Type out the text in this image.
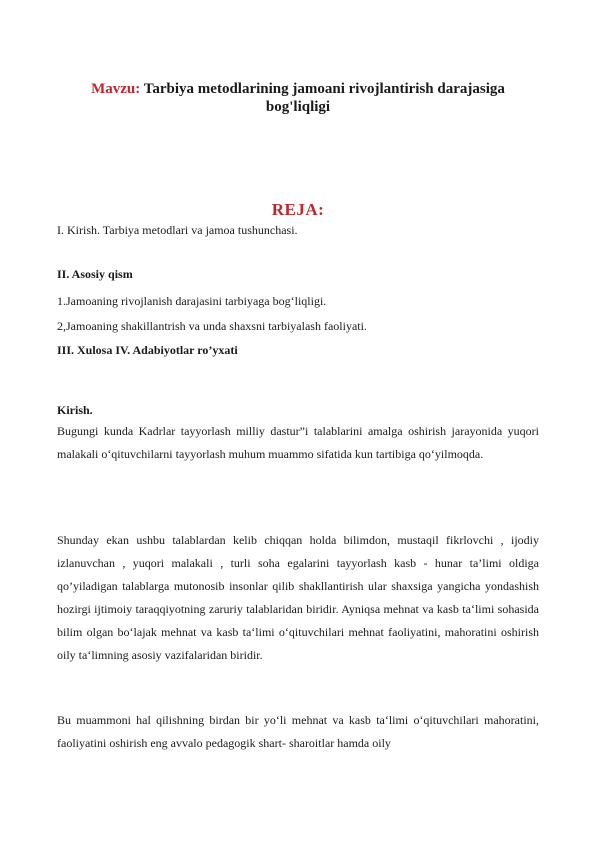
Mavzu: Tarbiya metodlarining jamoani rivojlantirish darajasiga
bog'liqligi
REJA:
I. Kirish. Tarbiya metodlari va jamoa tushunchasi.
II. Asosiy qism
1.Jamoaning rivojlanish darajasini tarbiyaga bog‘liqligi.
2,Jamoaning shakillantrish va unda shaxsni tarbiyalash faoliyati.
III. Xulosa IV. Adabiyotlar ro’yxati
Kirish.
Bugungi kunda Kadrlar tayyorlash milliy dastur”i talablarini amalga oshirish jarayonida yuqori malakali o‘qituvchilarni tayyorlash muhum muammo sifatida kun tartibiga qo‘yilmoqda.
Shunday ekan ushbu talablardan kelib chiqqan holda bilimdon, mustaqil fikrlovchi , ijodiy izlanuvchan , yuqori malakali , turli soha egalarini tayyorlash kasb - hunar ta’limi oldiga qo’yiladigan talablarga mutonosib insonlar qilib shakllantirish ular shaxsiga yangicha yondashish hozirgi ijtimoiy taraqqiyotning zaruriy talablaridan biridir. Ayniqsa mehnat va kasb ta‘limi sohasida bilim olgan bo‘lajak mehnat va kasb ta‘limi o‘qituvchilari mehnat faoliyatini, mahoratini oshirish oily ta‘limning asosiy vazifalaridan biridir.
Bu muammoni hal qilishning birdan bir yo‘li mehnat va kasb ta‘limi o‘qituvchilari mahoratini, faoliyatini oshirish eng avvalo pedagogik shart- sharoitlar hamda oily
